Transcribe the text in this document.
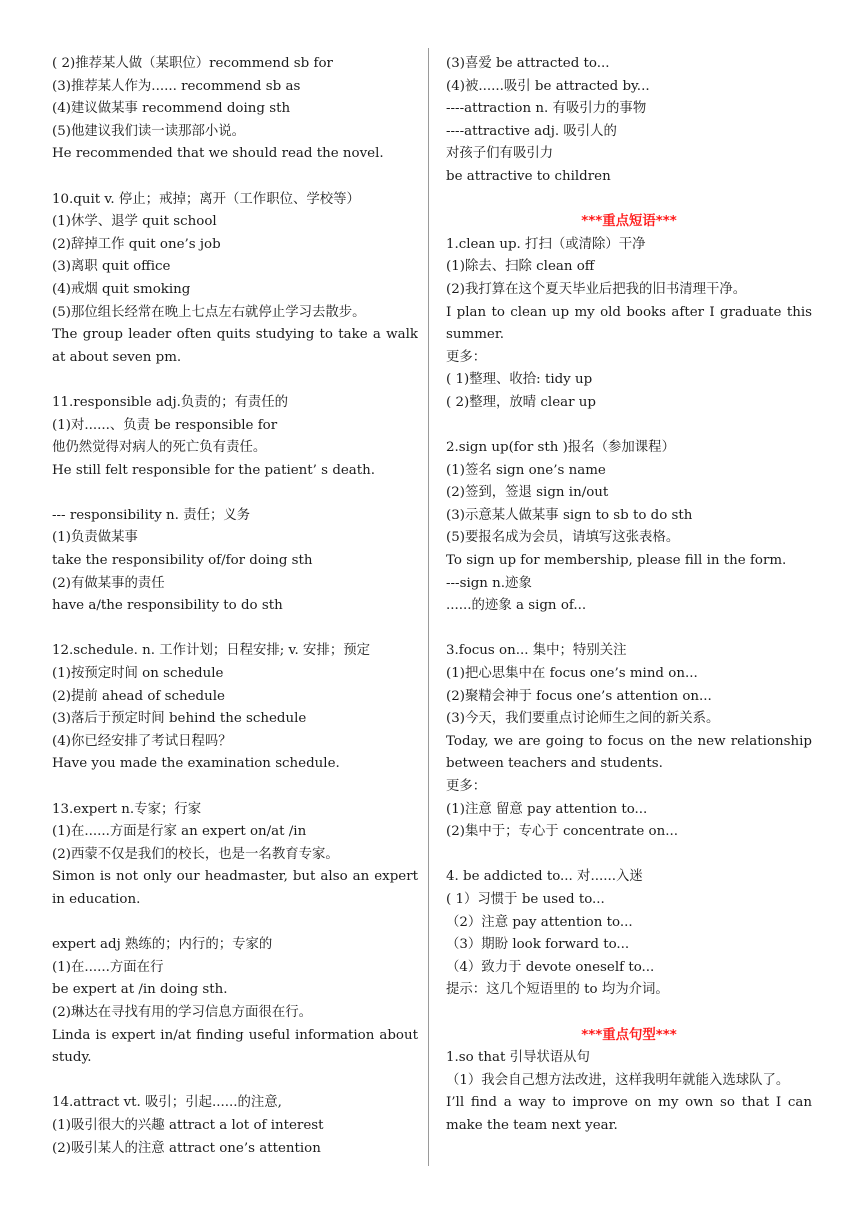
( 2)推荐某人做（某职位）recommend sb for
(3)推荐某人作为...... recommend sb as
(4)建议做某事 recommend doing sth
(5)他建议我们读一读那部小说。
He recommended that we should read the novel.
10.quit v. 停止；戒掉；离开（工作职位、学校等）
(1)休学、退学 quit school
(2)辞掉工作 quit one’s job
(3)离职 quit office
(4)戒烟 quit smoking
(5)那位组长经常在晚上七点左右就停止学习去散步。
The group leader often quits studying to take a walk at about seven pm.
11.responsible adj.负责的；有责任的
(1)对......、负责 be responsible for
他仍然觉得对病人的死亡负有责任。
He still felt responsible for the patient’ s death.
--- responsibility n. 责任；义务
(1)负责做某事
take the responsibility of/for doing sth
(2)有做某事的责任
have a/the responsibility to do sth
12.schedule. n. 工作计划；日程安排; v. 安排；预定
(1)按预定时间 on schedule
(2)提前 ahead of schedule
(3)落后于预定时间 behind the schedule
(4)你已经安排了考试日程吗？
Have you made the examination schedule.
13.expert n.专家；行家
(1)在......方面是行家 an expert on/at /in
(2)西蒙不仅是我们的校长，也是一名教育专家。
Simon is not only our headmaster, but also an expert in education.
expert adj 熟练的；内行的；专家的
(1)在......方面在行
be expert at /in doing sth.
(2)琳达在寻找有用的学习信息方面很在行。
Linda is expert in/at finding useful information about study.
14.attract vt. 吸引；引起......的注意,
(1)吸引很大的兴趣 attract a lot of interest
(2)吸引某人的注意 attract one’s attention
(3)喜爱 be attracted to...
(4)被......吸引 be attracted by...
----attraction n. 有吸引力的事物
----attractive adj. 吸引人的
对孩子们有吸引力
be attractive to children
***重点短语***
1.clean up. 打扫（或清除）干净
(1)除去、扫除 clean off
(2)我打算在这个夏天毕业后把我的旧书清理干净。
I plan to clean up my old books after I graduate this summer.
更多：
( 1)整理、收拾: tidy up
( 2)整理，放晴 clear up
2.sign up(for sth )报名（参加课程）
(1)签名 sign one’s name
(2)签到，签退 sign in/out
(3)示意某人做某事 sign to sb to do sth
(5)要报名成为会员，请填写这张表格。
To sign up for membership, please fill in the form.
---sign n.迹象
......的迹象 a sign of...
3.focus on... 集中；特别关注
(1)把心思集中在 focus one’s mind on...
(2)聚精会神于 focus one’s attention on...
(3)今天，我们要重点讨论师生之间的新关系。
Today, we are going to focus on the new relationship between teachers and students.
更多：
(1)注意 留意 pay attention to...
(2)集中于；专心于 concentrate on...
4. be addicted to... 对......入迷
( 1）习惯于 be used to...
（2）注意 pay attention to...
（3）期盼 look forward to...
（4）致力于 devote oneself to...
提示：这几个短语里的 to 均为介词。
***重点句型***
1.so that 引导状语从句
（1）我会自己想方法改进，这样我明年就能入选球队了。
I’ll find a way to improve on my own so that I can make the team next year.
